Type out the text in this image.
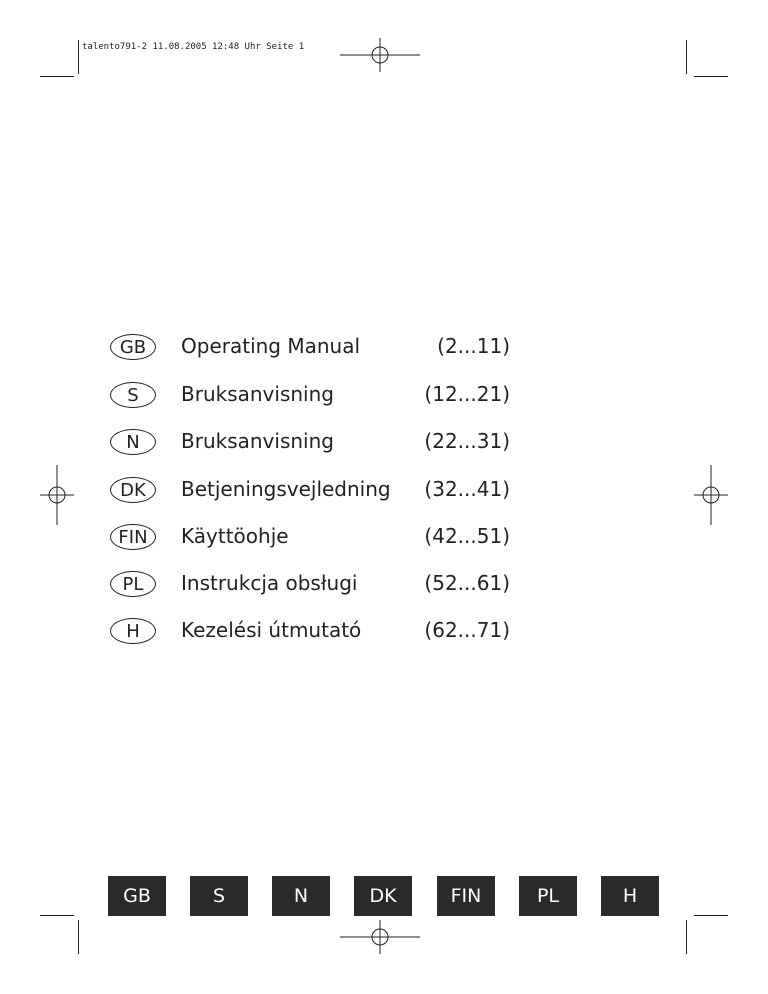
talento791-2 11.08.2005 12:48 Uhr Seite 1
GB	Operating Manual	(2...11)
S	Bruksanvisning	(12...21)
N	Bruksanvisning	(22...31)
DK	Betjeningsvejledning (32...41)
FIN	Käyttöohje	(42...51)
PL	Instrukcja obsługi	(52...61)
H	Kezelési útmutató	(62...71)
GB	S	N	DK	FIN	PL	H
